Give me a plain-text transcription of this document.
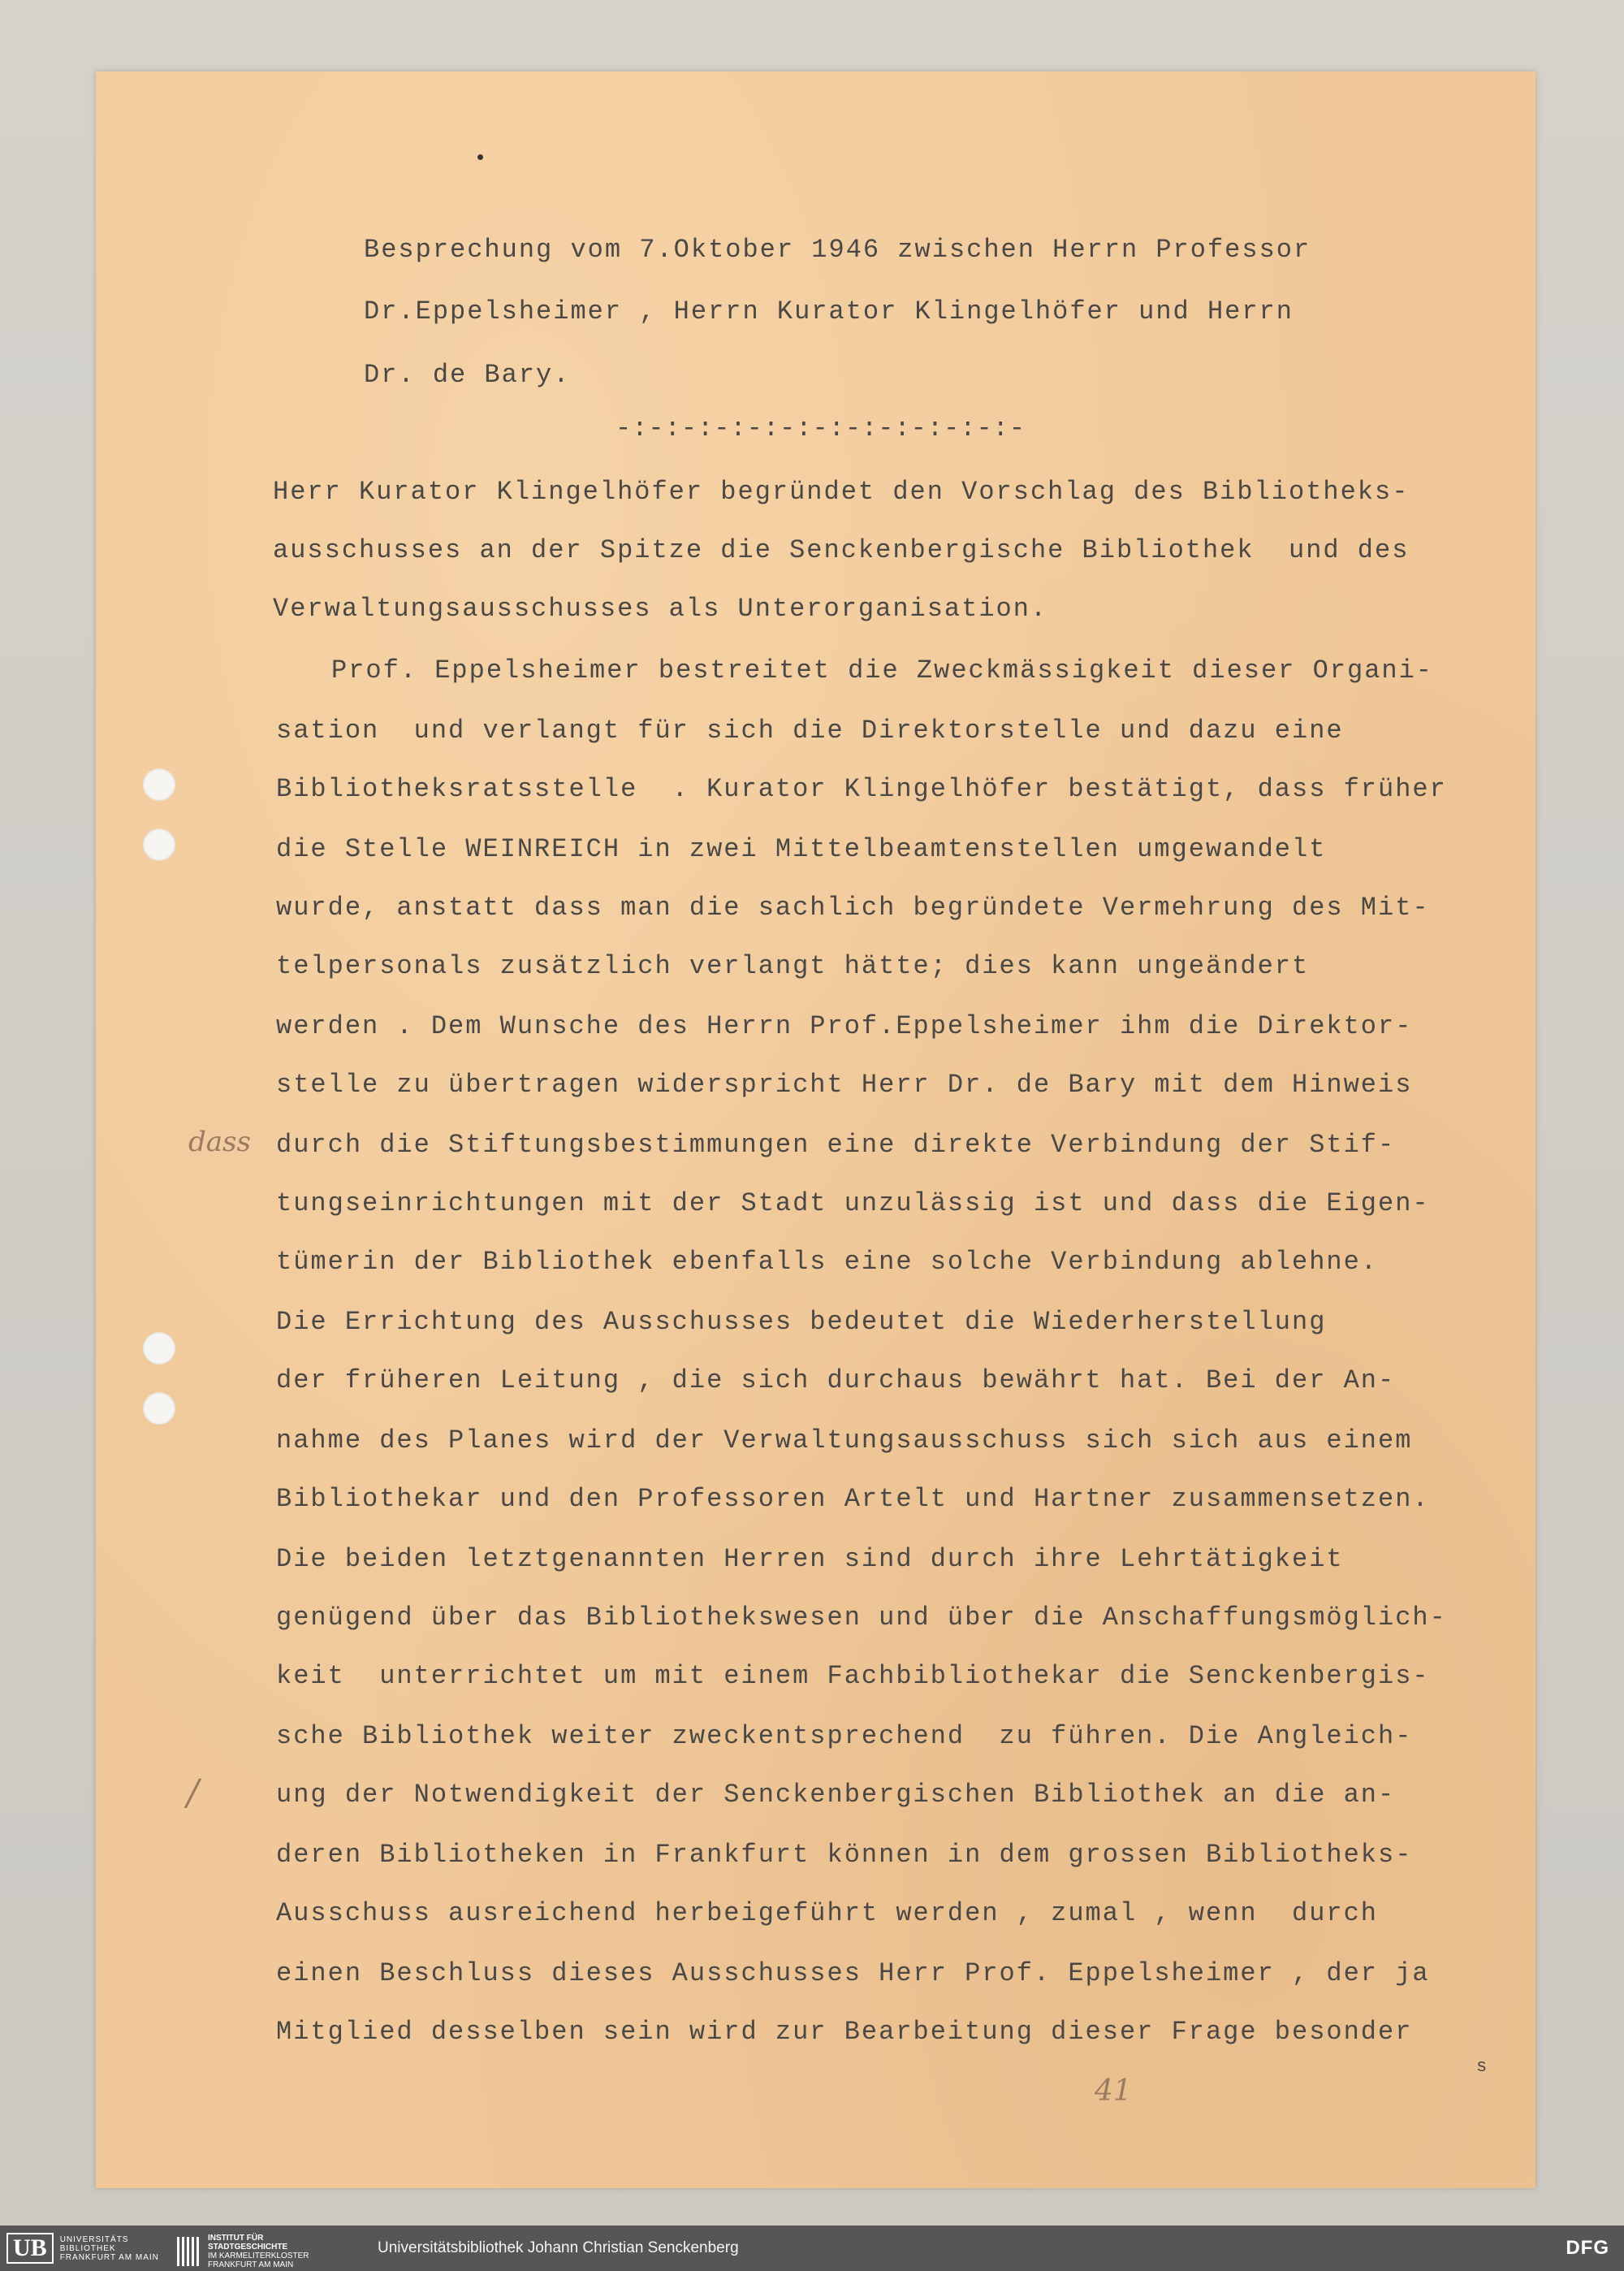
dass
/
41

Besprechung vom 7.Oktober 1946 zwischen Herrn Professor

Dr.Eppelsheimer , Herrn Kurator Klingelhöfer und Herrn

Dr. de Bary.

-:-:-:-:-:-:-:-:-:-:-:-:-

Herr Kurator Klingelhöfer begründet den Vorschlag des Bibliotheks-

ausschusses an der Spitze die Senckenbergische Bibliothek  und des

Verwaltungsausschusses als Unterorganisation.

Prof. Eppelsheimer bestreitet die Zweckmässigkeit dieser Organi-

sation  und verlangt für sich die Direktorstelle und dazu eine

Bibliotheksratsstelle  . Kurator Klingelhöfer bestätigt, dass früher

die Stelle WEINREICH in zwei Mittelbeamtenstellen umgewandelt

wurde, anstatt dass man die sachlich begründete Vermehrung des Mit-

telpersonals zusätzlich verlangt hätte; dies kann ungeändert

werden . Dem Wunsche des Herrn Prof.Eppelsheimer ihm die Direktor-

stelle zu übertragen widerspricht Herr Dr. de Bary mit dem Hinweis

durch die Stiftungsbestimmungen eine direkte Verbindung der Stif-

tungseinrichtungen mit der Stadt unzulässig ist und dass die Eigen-

tümerin der Bibliothek ebenfalls eine solche Verbindung ablehne.

Die Errichtung des Ausschusses bedeutet die Wiederherstellung

der früheren Leitung , die sich durchaus bewährt hat. Bei der An-

nahme des Planes wird der Verwaltungsausschuss sich sich aus einem

Bibliothekar und den Professoren Artelt und Hartner zusammensetzen.

Die beiden letztgenannten Herren sind durch ihre Lehrtätigkeit

genügend über das Bibliothekswesen und über die Anschaffungsmöglich-

keit  unterrichtet um mit einem Fachbibliothekar die Senckenbergis-

sche Bibliothek weiter zweckentsprechend  zu führen. Die Angleich-

ung der Notwendigkeit der Senckenbergischen Bibliothek an die an-

deren Bibliotheken in Frankfurt können in dem grossen Bibliotheks-

Ausschuss ausreichend herbeigeführt werden , zumal , wenn  durch

einen Beschluss dieses Ausschusses Herr Prof. Eppelsheimer , der ja

Mitglied desselben sein wird zur Bearbeitung dieser Frage besonder

s

UB	UNIVERSITÄTS
BIBLIOTHEK
FRANKFURT AM MAIN
INSTITUT FÜR
STADTGESCHICHTE
IM KARMELITERKLOSTER
FRANKFURT AM MAIN
Universitätsbibliothek Johann Christian Senckenberg	DFG
